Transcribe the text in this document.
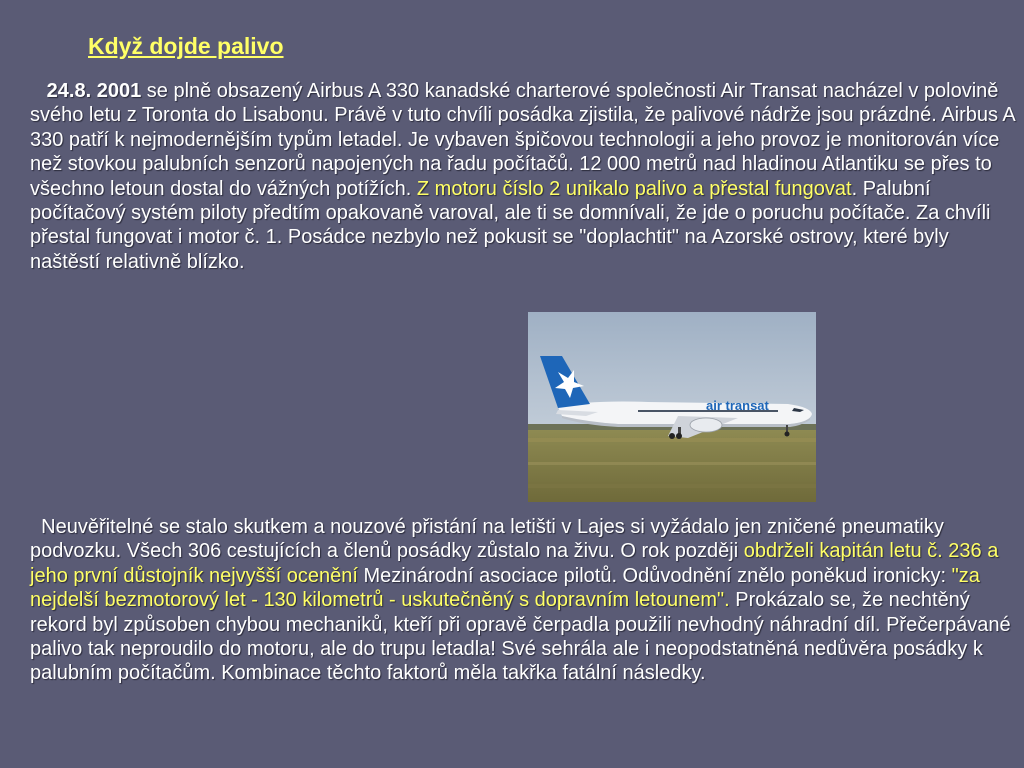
Když dojde palivo
24.8. 2001 se plně obsazený Airbus A 330 kanadské charterové společnosti Air Transat nacházel v polovině svého letu z Toronta do Lisabonu. Právě v tuto chvíli posádka zjistila, že palivové nádrže jsou prázdné. Airbus A 330 patří k nejmodernějším typům letadel. Je vybaven špičovou technologii a jeho provoz je monitorován více než stovkou palubních senzorů napojených na řadu počítačů. 12 000 metrů nad hladinou Atlantiku se přes to všechno letoun dostal do vážných potížích. Z motoru číslo 2 unikalo palivo a přestal fungovat. Palubní počítačový systém piloty předtím opakovaně varoval, ale ti se domnívali, že jde o poruchu počítače. Za chvíli přestal fungovat i motor č. 1. Posádce nezbylo než pokusit se "doplachtit" na Azorské ostrovy, které byly naštěstí relativně blízko.
air transat
Neuvěřitelné se stalo skutkem a nouzové přistání na letišti v Lajes si vyžádalo jen zničené pneumatiky podvozku. Všech 306 cestujících a členů posádky zůstalo na živu. O rok později obdrželi kapitán letu č. 236 a jeho první důstojník nejvyšší ocenění Mezinárodní asociace pilotů. Odůvodnění znělo poněkud ironicky: "za nejdelší bezmotorový let - 130 kilometrů - uskutečněný s dopravním letounem". Prokázalo se, že nechtěný rekord byl způsoben chybou mechaniků, kteří při opravě čerpadla použili nevhodný náhradní díl. Přečerpávané palivo tak neproudilo do motoru, ale do trupu letadla! Své sehrála ale i neopodstatněná nedůvěra posádky k palubním počítačům. Kombinace těchto faktorů měla takřka fatální následky.
